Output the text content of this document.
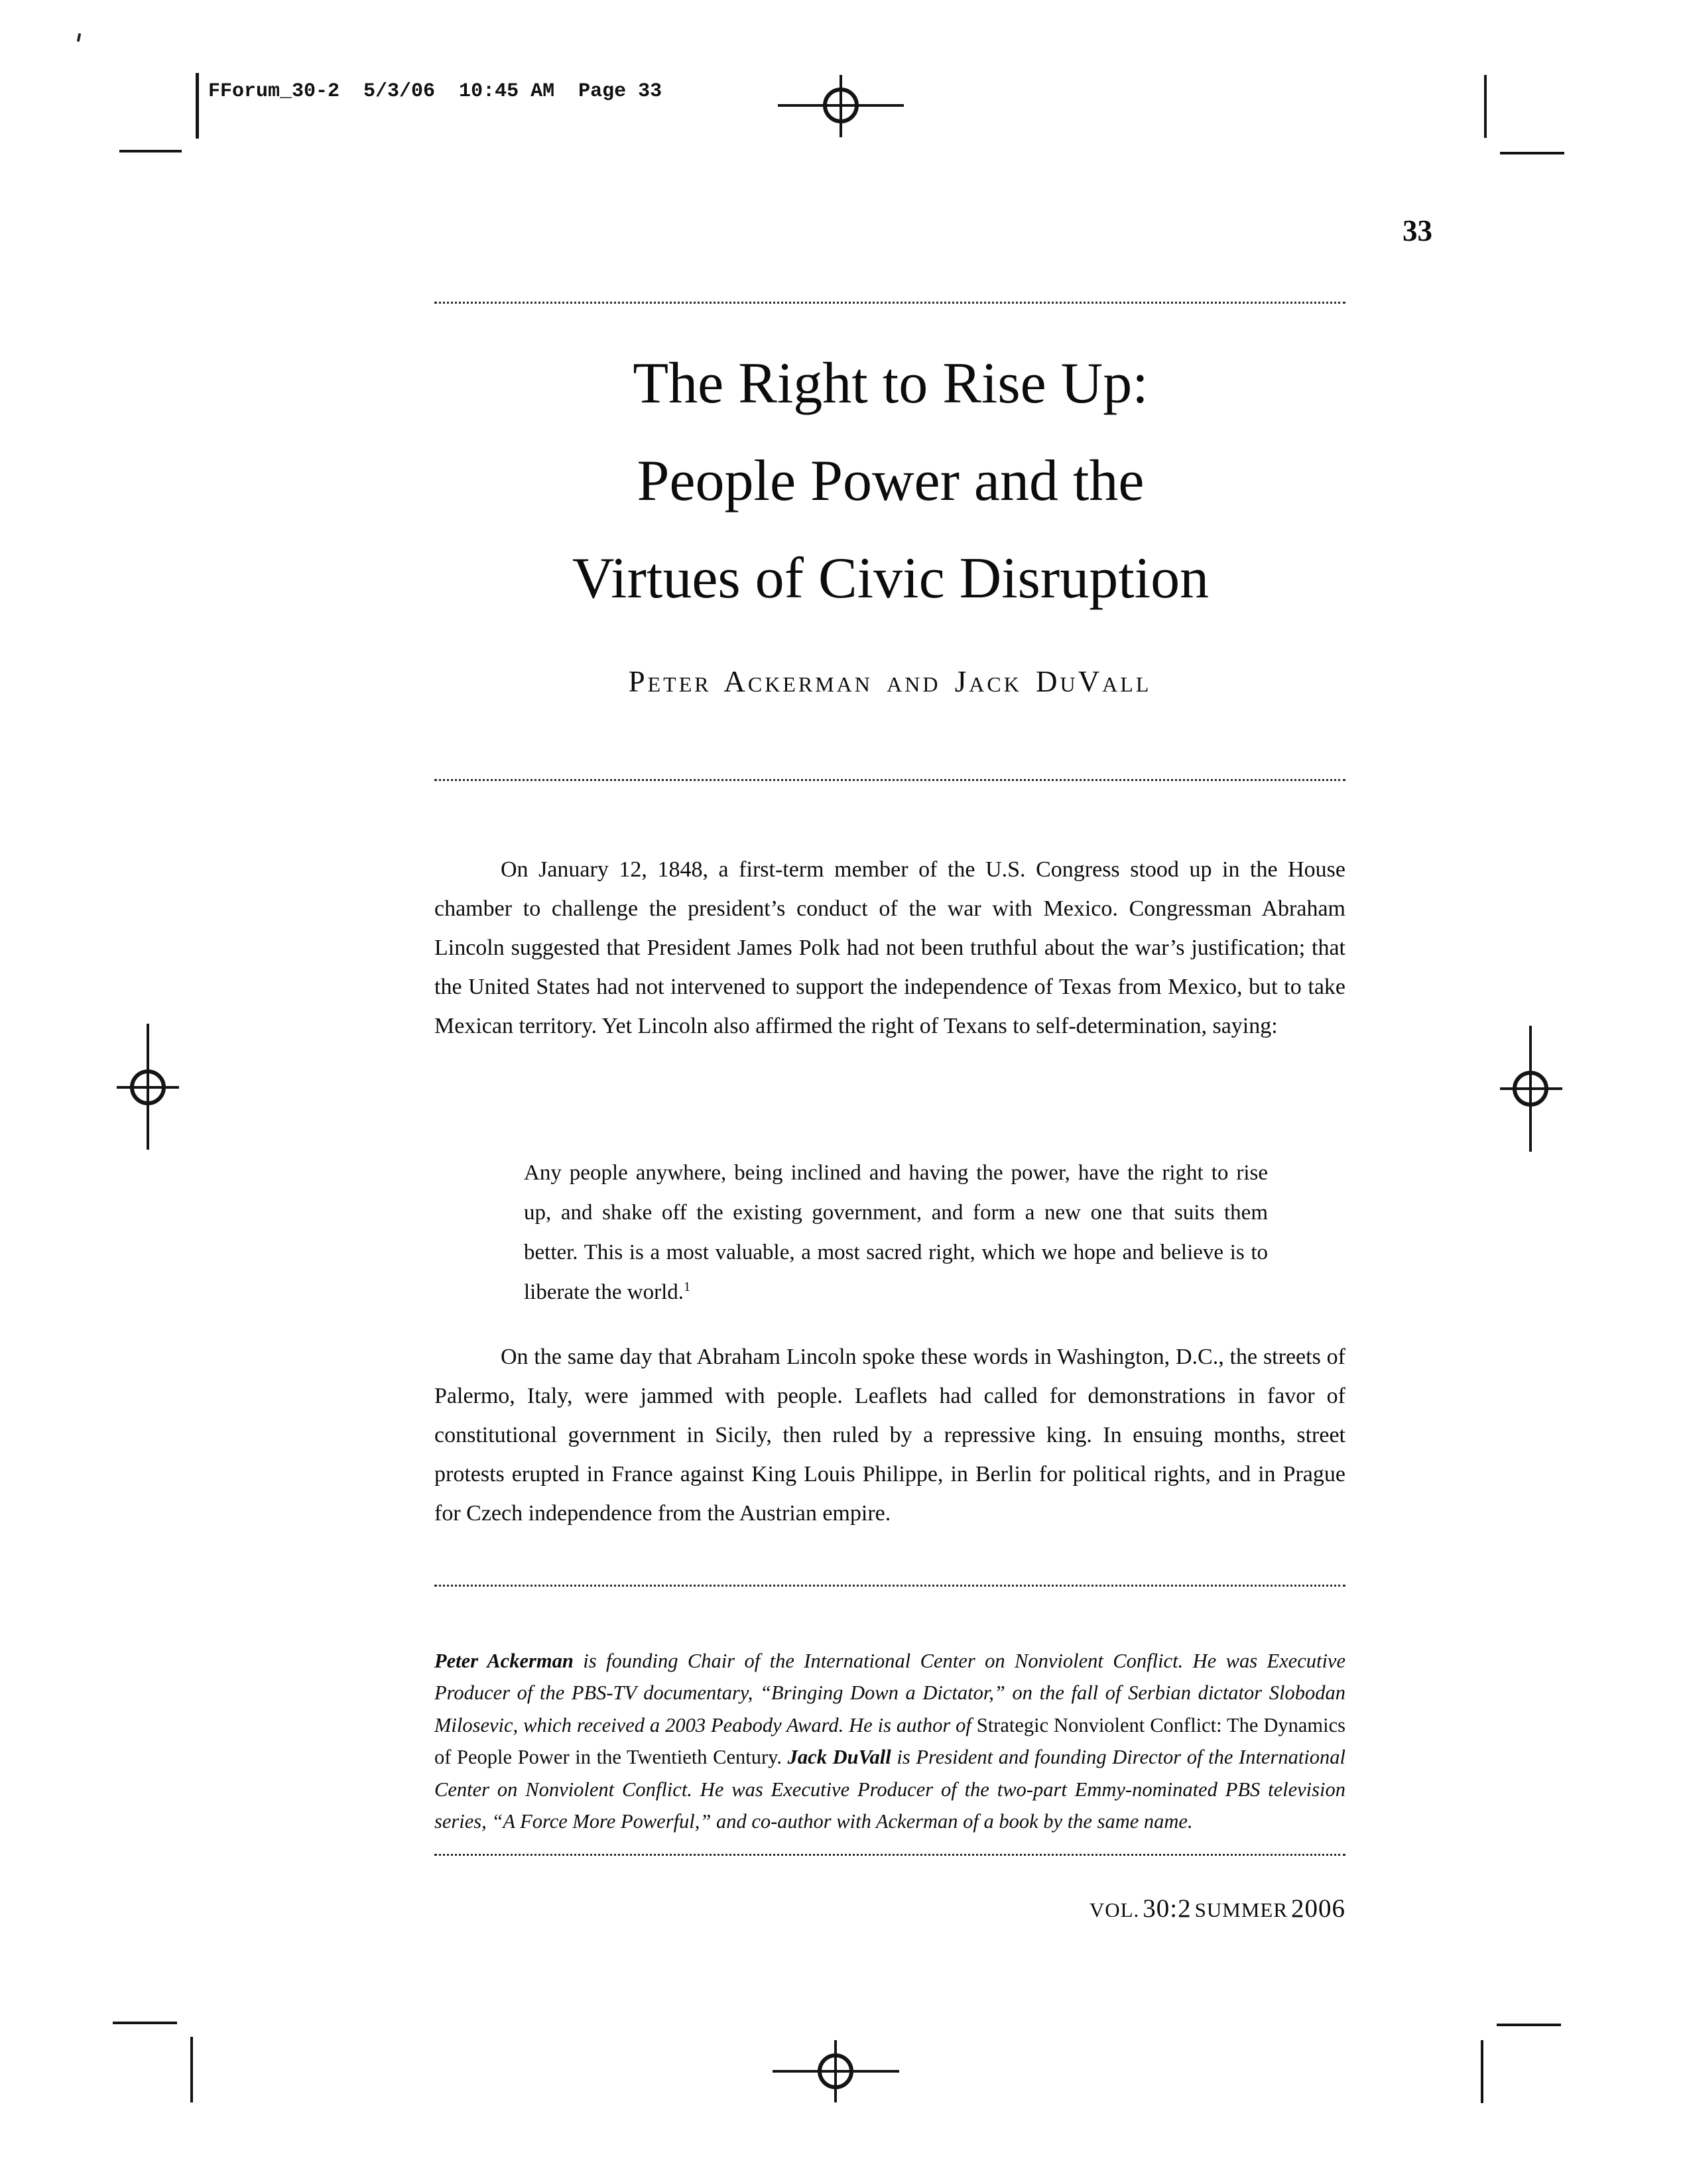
FForum_30-2  5/3/06  10:45 AM  Page 33
33
The Right to Rise Up:
People Power and the
Virtues of Civic Disruption
Peter Ackerman and Jack DuVall

On January 12, 1848, a first-term member of the U.S. Congress stood up in the House chamber to challenge the president’s conduct of the war with Mexico. Congressman Abraham Lincoln suggested that President James Polk had not been truthful about the war’s justification; that the United States had not intervened to support the independence of Texas from Mexico, but to take Mexican territory. Yet Lincoln also affirmed the right of Texans to self-determination, saying:

Any people anywhere, being inclined and having the power, have the right to rise up, and shake off the existing government, and form a new one that suits them better. This is a most valuable, a most sacred right, which we hope and believe is to liberate the world.$^1$

On the same day that Abraham Lincoln spoke these words in Washington, D.C., the streets of Palermo, Italy, were jammed with people. Leaflets had called for demonstrations in favor of constitutional government in Sicily, then ruled by a repressive king. In ensuing months, street protests erupted in France against King Louis Philippe, in Berlin for political rights, and in Prague for Czech independence from the Austrian empire.

Peter Ackerman is founding Chair of the International Center on Nonviolent Conflict. He was Executive Producer of the PBS-TV documentary, “Bringing Down a Dictator,” on the fall of Serbian dictator Slobodan Milosevic, which received a 2003 Peabody Award. He is author of Strategic Nonviolent Conflict: The Dynamics of People Power in the Twentieth Century. Jack DuVall is President and founding Director of the International Center on Nonviolent Conflict. He was Executive Producer of the two-part Emmy-nominated PBS television series, “A Force More Powerful,” and co-author with Ackerman of a book by the same name.

VOL. 30:2 SUMMER 2006
